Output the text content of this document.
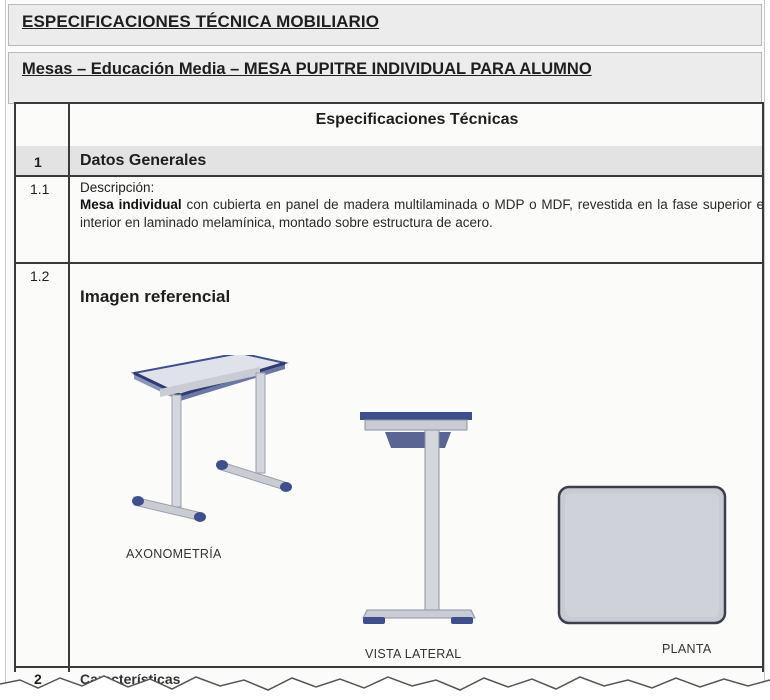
ESPECIFICACIONES TÉCNICA MOBILIARIO
Mesas – Educación Media – MESA PUPITRE INDIVIDUAL PARA ALUMNO
Especificaciones Técnicas
1 Datos Generales
1.1 Descripción:
Mesa individual con cubierta en panel de madera multilaminada o MDP o MDF, revestida en la fase superior e interior en laminado melamínica, montado sobre estructura de acero.
1.2
Imagen referencial
AXONOMETRÍA
VISTA LATERAL	PLANTA
2	Características
